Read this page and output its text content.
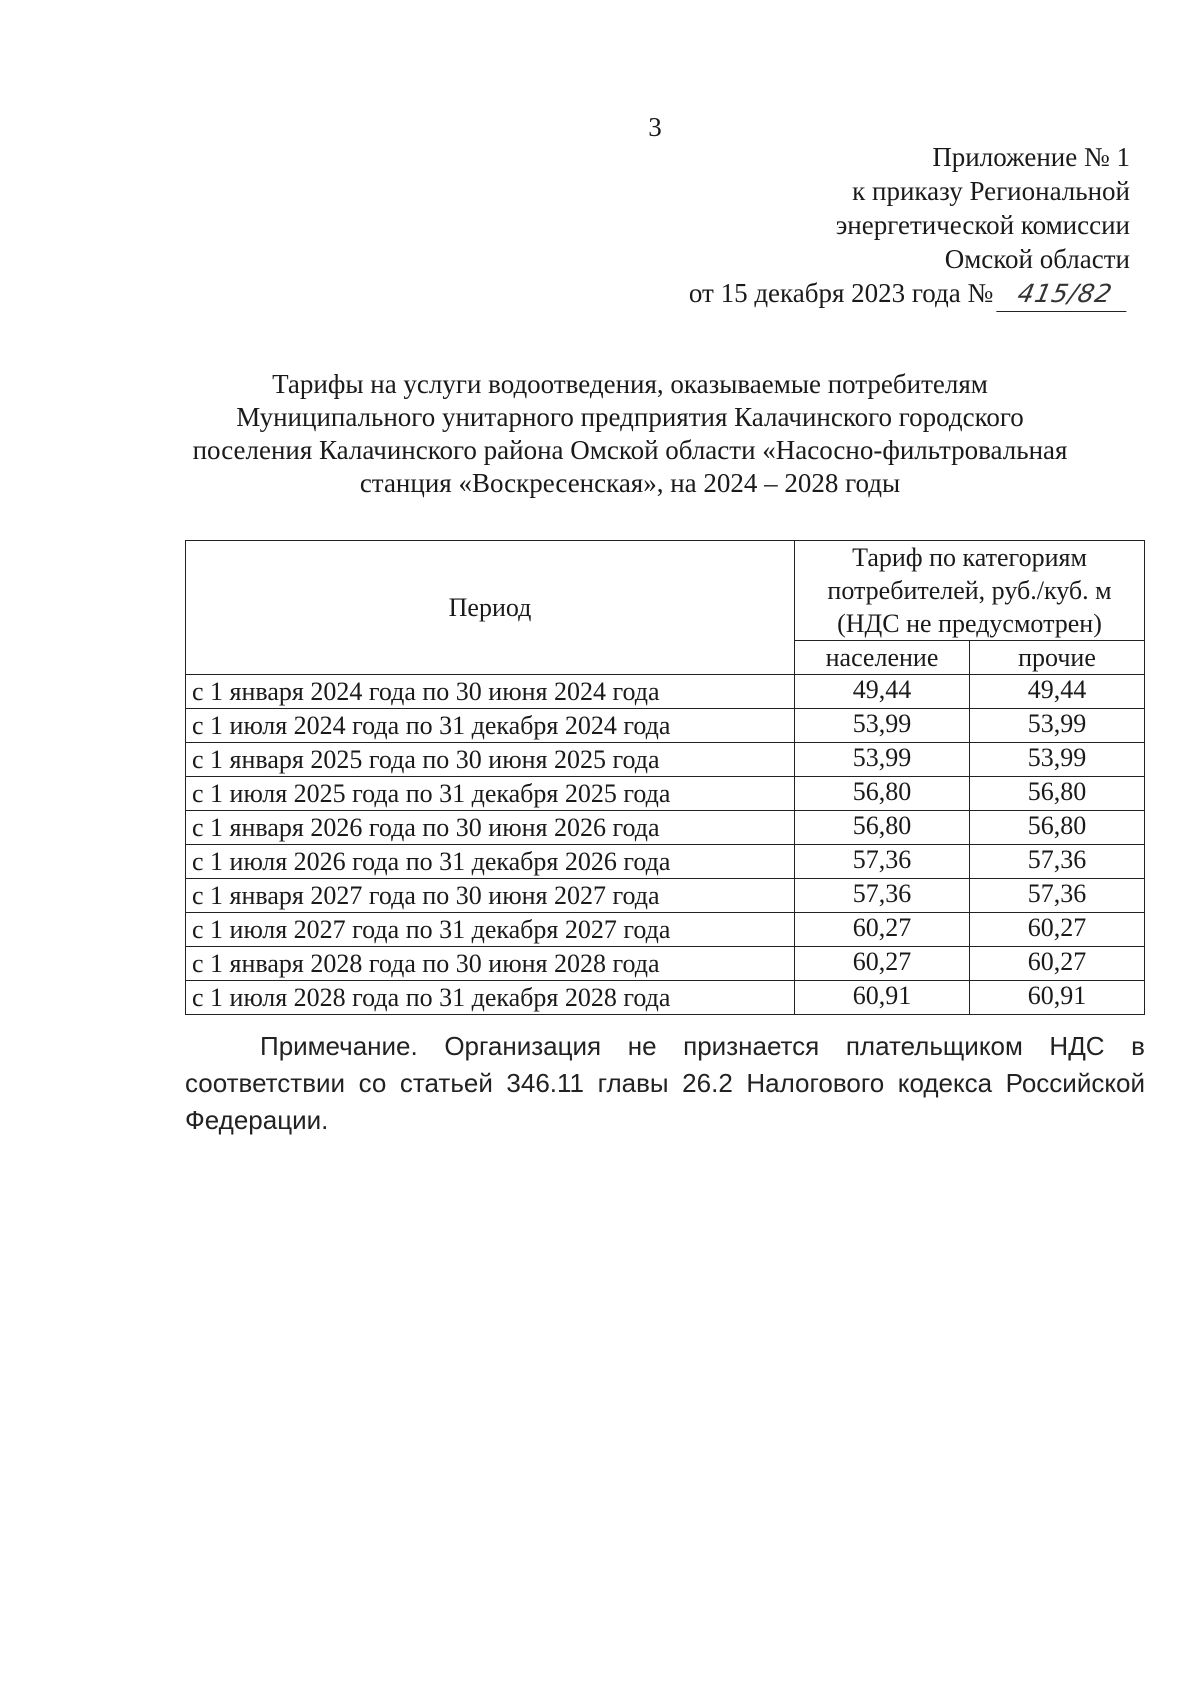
3
Приложение № 1
к приказу Региональной
энергетической комиссии
Омской области
от 15 декабря 2023 года № 415/82
Тарифы на услуги водоотведения, оказываемые потребителям
Муниципального унитарного предприятия Калачинского городского
поселения Калачинского района Омской области «Насосно-фильтровальная
станция «Воскресенская», на 2024 – 2028 годы
Период	Тариф по категориям
потребителей, руб./куб. м
(НДС не предусмотрен)	

	население	прочие
с 1 января 2024 года по 30 июня 2024 года	49,44	49,44
с 1 июля 2024 года по 31 декабря 2024 года	53,99	53,99
с 1 января 2025 года по 30 июня 2025 года	53,99	53,99
с 1 июля 2025 года по 31 декабря 2025 года	56,80	56,80
с 1 января 2026 года по 30 июня 2026 года	56,80	56,80
с 1 июля 2026 года по 31 декабря 2026 года	57,36	57,36
с 1 января 2027 года по 30 июня 2027 года	57,36	57,36
с 1 июля 2027 года по 31 декабря 2027 года	60,27	60,27
с 1 января 2028 года по 30 июня 2028 года	60,27	60,27
с 1 июля 2028 года по 31 декабря 2028 года	60,91	60,91

Примечание. Организация не признается плательщиком НДС в соответствии со статьей 346.11 главы 26.2 Налогового кодекса Российской Федерации.
